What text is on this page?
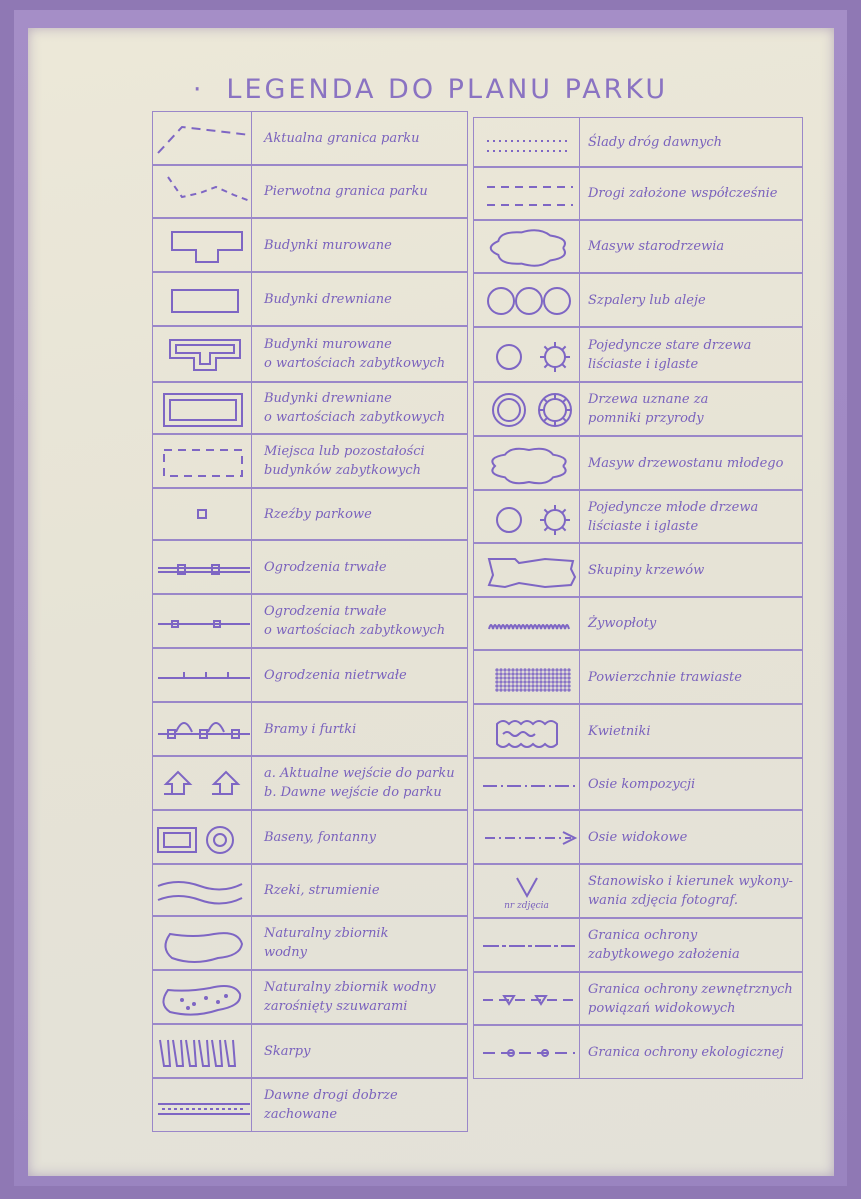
· LEGENDA DO PLANU PARKU
Aktualna granica parku
Pierwotna granica parku
Budynki murowane
Budynki drewniane
Budynki murowane
o wartościach zabytkowych
Budynki drewniane
o wartościach zabytkowych
Miejsca lub pozostałości
budynków zabytkowych
Rzeźby parkowe
Ogrodzenia trwałe
Ogrodzenia trwałe
o wartościach zabytkowych
Ogrodzenia nietrwałe
Bramy i furtki
a. Aktualne wejście do parku
b. Dawne wejście do parku
Baseny, fontanny
Rzeki, strumienie
Naturalny zbiornik
wodny
Naturalny zbiornik wodny
zarośnięty szuwarami
Skarpy
Dawne drogi dobrze
zachowane
Ślady dróg dawnych
Drogi założone współcześnie
Masyw starodrzewia
Szpalery lub aleje
Pojedyncze stare drzewa
liściaste i iglaste
Drzewa uznane za
pomniki przyrody
Masyw drzewostanu młodego
Pojedyncze młode drzewa
liściaste i iglaste
Skupiny krzewów
Żywopłoty
Powierzchnie trawiaste
Kwietniki
Osie kompozycji
Osie widokowe
Stanowisko i kierunek wykony-
wania zdjęcia fotograf.
nr zdjęcia
Granica ochrony
zabytkowego założenia
Granica ochrony zewnętrznych
powiązań widokowych
Granica ochrony ekologicznej
